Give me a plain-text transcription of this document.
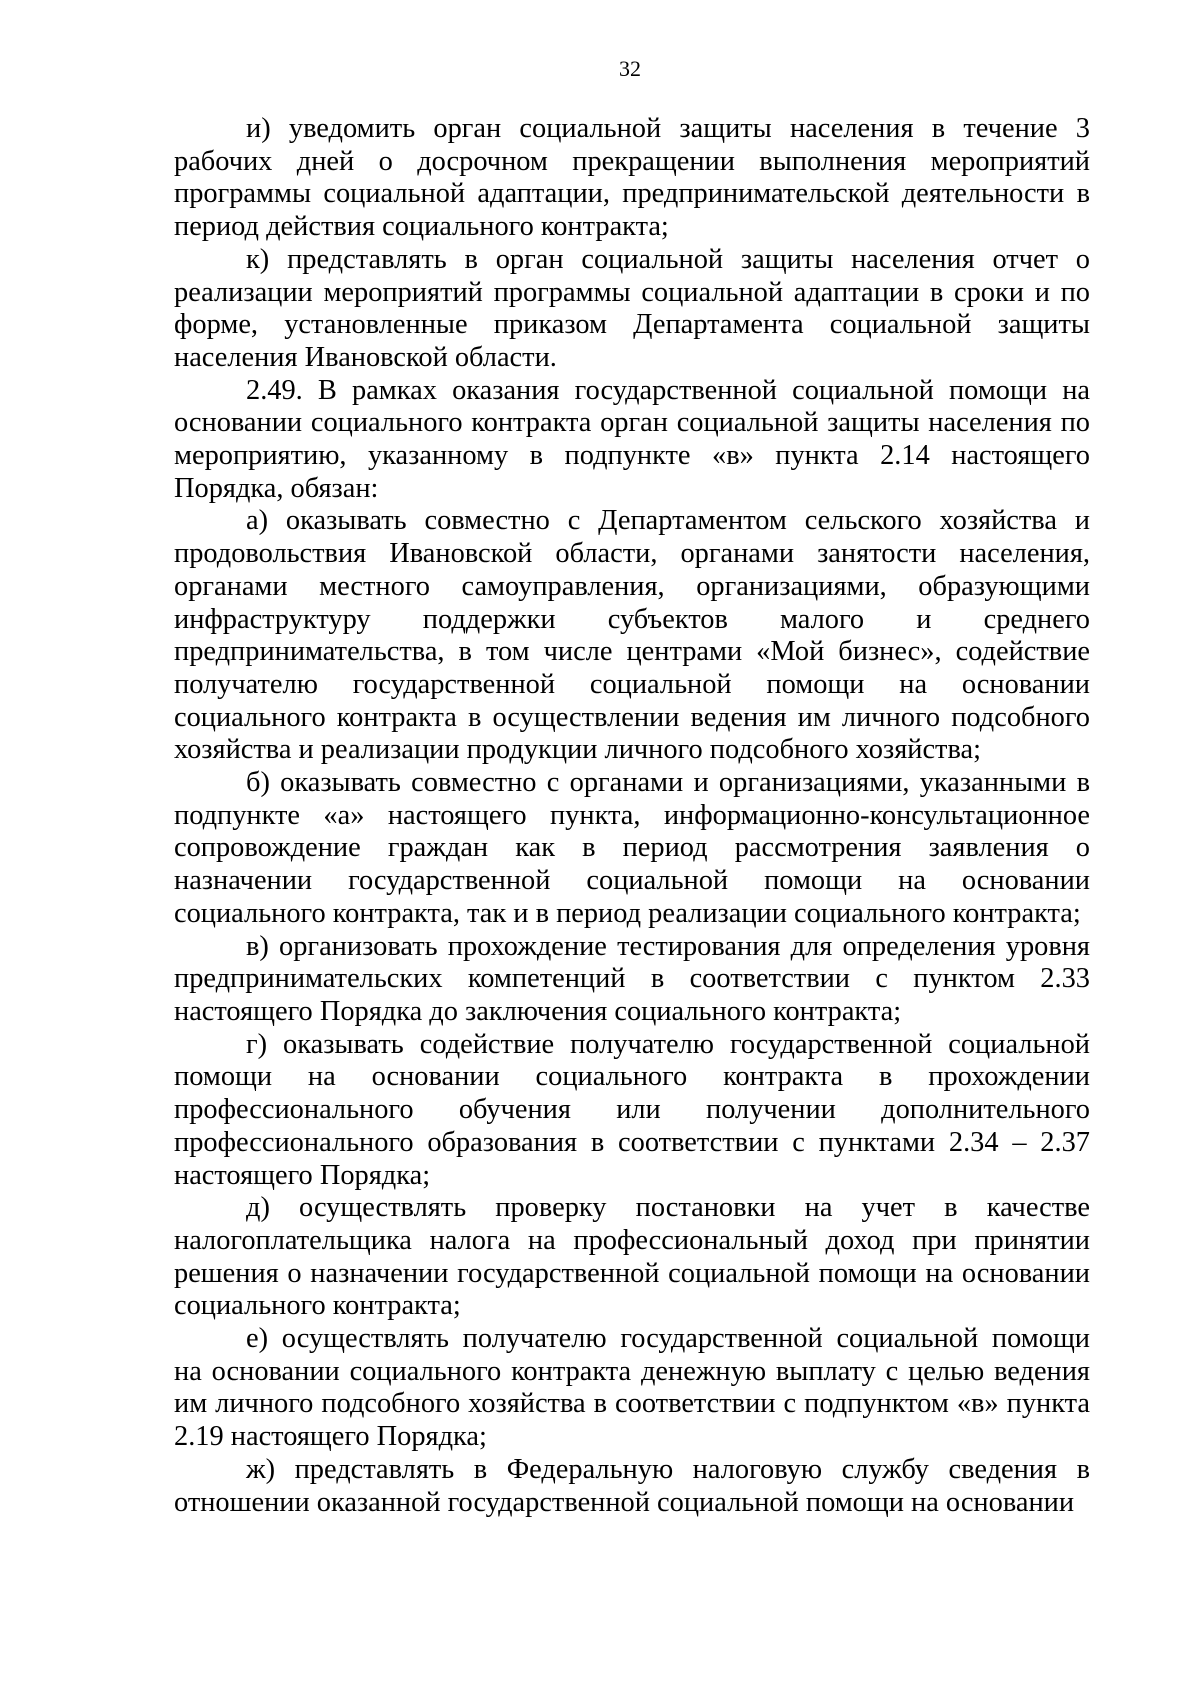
32

и) уведомить орган социальной защиты населения в течение 3 рабочих дней о досрочном прекращении выполнения мероприятий программы социальной адаптации, предпринимательской деятельности в период действия социального контракта;

к) представлять в орган социальной защиты населения отчет о реализации мероприятий программы социальной адаптации в сроки и по форме, установленные приказом Департамента социальной защиты населения Ивановской области.

2.49. В рамках оказания государственной социальной помощи на основании социального контракта орган социальной защиты населения по мероприятию, указанному в подпункте «в» пункта 2.14 настоящего Порядка, обязан:

а) оказывать совместно с Департаментом сельского хозяйства и продовольствия Ивановской области, органами занятости населения, органами местного самоуправления, организациями, образующими инфраструктуру поддержки субъектов малого и среднего предпринимательства, в том числе центрами «Мой бизнес», содействие получателю государственной социальной помощи на основании социального контракта в осуществлении ведения им личного подсобного хозяйства и реализации продукции личного подсобного хозяйства;

б) оказывать совместно с органами и организациями, указанными в подпункте «а» настоящего пункта, информационно-консультационное сопровождение граждан как в период рассмотрения заявления о назначении государственной социальной помощи на основании социального контракта, так и в период реализации социального контракта;

в) организовать прохождение тестирования для определения уровня предпринимательских компетенций в соответствии с пунктом 2.33 настоящего Порядка до заключения социального контракта;

г) оказывать содействие получателю государственной социальной помощи на основании социального контракта в прохождении профессионального обучения или получении дополнительного профессионального образования в соответствии с пунктами 2.34 – 2.37 настоящего Порядка;

д) осуществлять проверку постановки на учет в качестве налогоплательщика налога на профессиональный доход при принятии решения о назначении государственной социальной помощи на основании социального контракта;

е) осуществлять получателю государственной социальной помощи на основании социального контракта денежную выплату с целью ведения им личного подсобного хозяйства в соответствии с подпунктом «в» пункта 2.19 настоящего Порядка;

ж) представлять в Федеральную налоговую службу сведения в отношении оказанной государственной социальной помощи на основании
